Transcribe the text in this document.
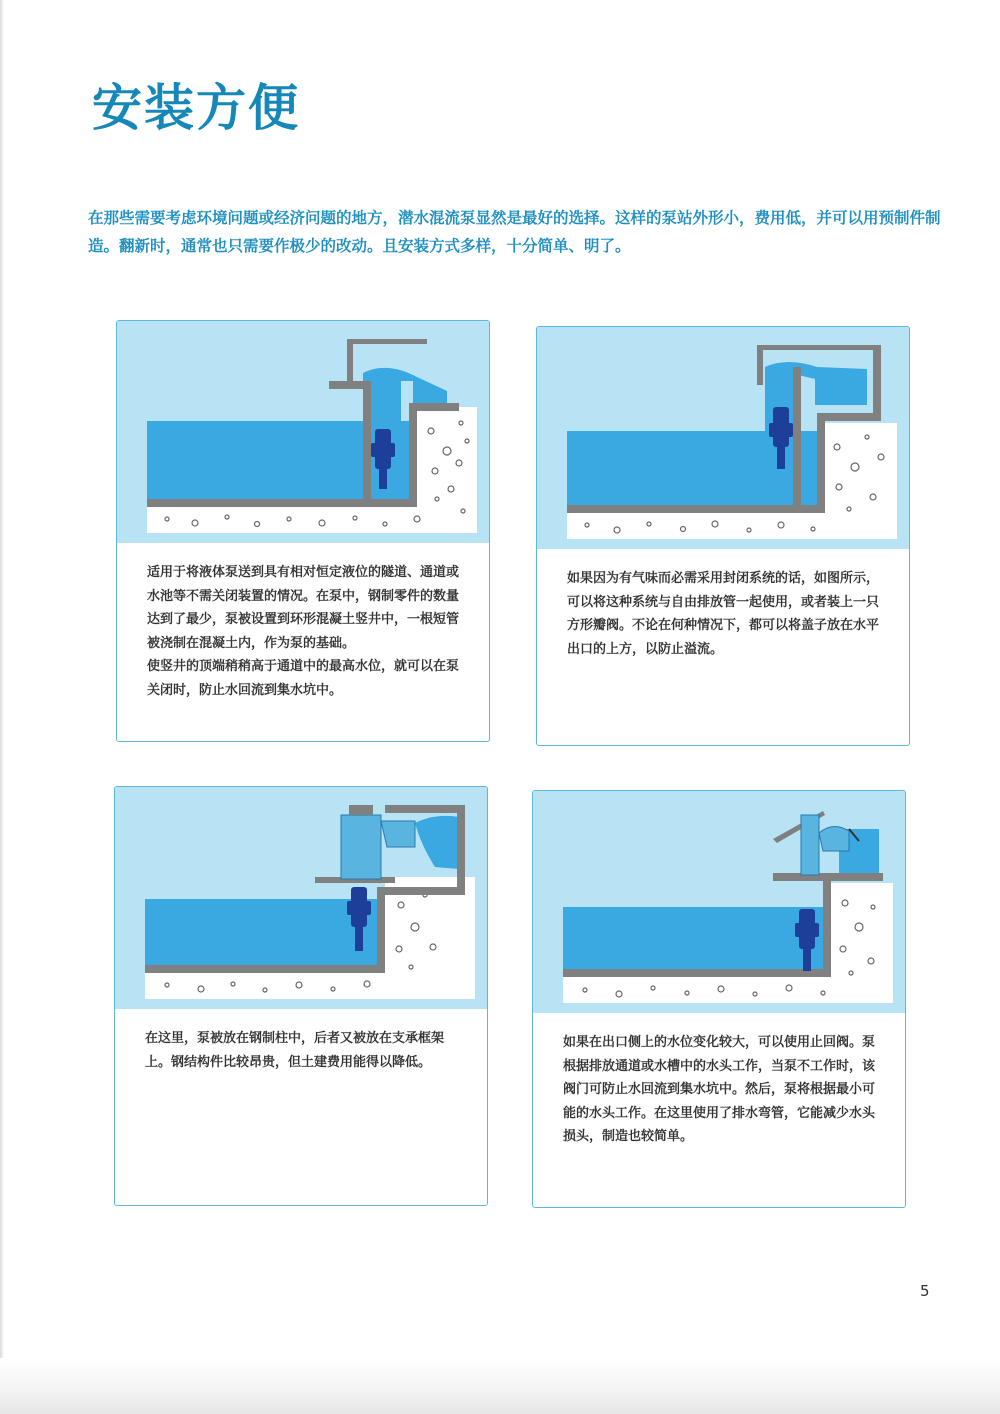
安装方便

在那些需要考虑环境问题或经济问题的地方，潜水混流泵显然是最好的选择。这样的泵站外形小，费用低，并可以用预制件制造。翻新时，通常也只需要作极少的改动。且安装方式多样，十分简单、明了。

适用于将液体泵送到具有相对恒定液位的隧道、通道或水池等不需关闭装置的情况。在泵中，钢制零件的数量达到了最少，泵被设置到环形混凝土竖井中，一根短管被浇制在混凝土内，作为泵的基础。

使竖井的顶端稍稍高于通道中的最高水位，就可以在泵关闭时，防止水回流到集水坑中。

如果因为有气味而必需采用封闭系统的话，如图所示，可以将这种系统与自由排放管一起使用，或者装上一只方形瓣阀。不论在何种情况下，都可以将盖子放在水平出口的上方，以防止溢流。

在这里，泵被放在钢制柱中，后者又被放在支承框架上。钢结构件比较昂贵，但土建费用能得以降低。

如果在出口侧上的水位变化较大，可以使用止回阀。泵根据排放通道或水槽中的水头工作，当泵不工作时，该阀门可防止水回流到集水坑中。然后，泵将根据最小可能的水头工作。在这里使用了排水弯管，它能减少水头损头，制造也较简单。

5
